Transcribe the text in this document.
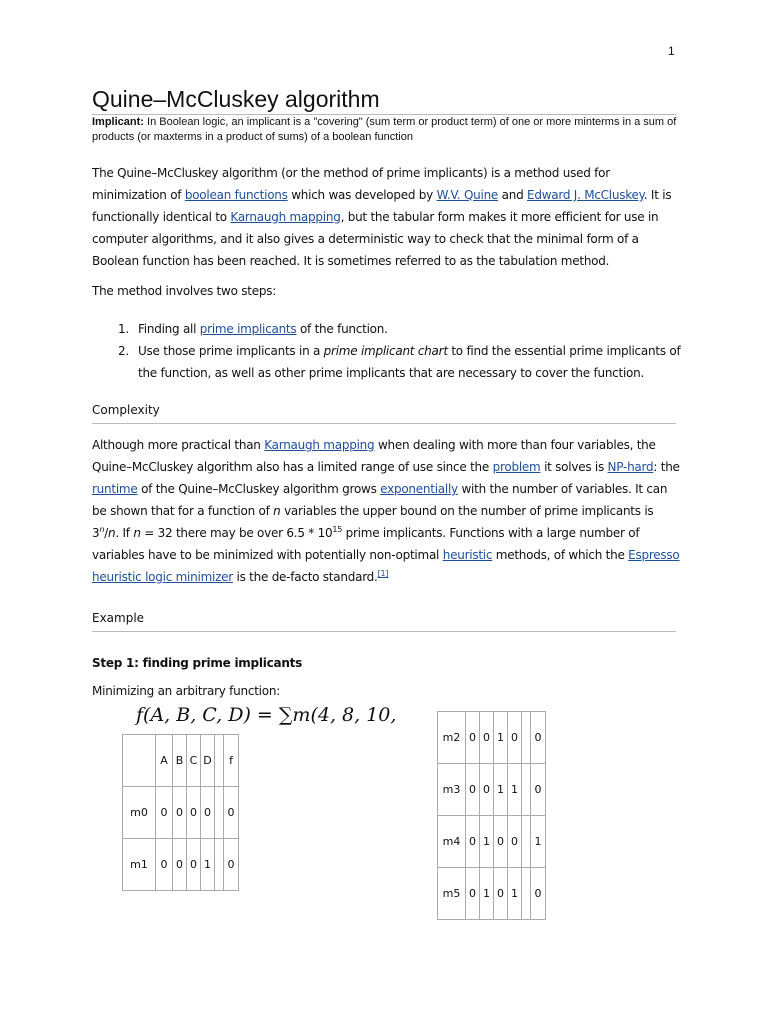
1
Quine–McCluskey algorithm
Implicant: In Boolean logic, an implicant is a "covering" (sum term or product term) of one or more minterms in a sum of products (or maxterms in a product of sums) of a boolean function
The Quine–McCluskey algorithm (or the method of prime implicants) is a method used for minimization of boolean functions which was developed by W.V. Quine and Edward J. McCluskey. It is functionally identical to Karnaugh mapping, but the tabular form makes it more efficient for use in computer algorithms, and it also gives a deterministic way to check that the minimal form of a Boolean function has been reached. It is sometimes referred to as the tabulation method.
The method involves two steps:
1. Finding all prime implicants of the function.
2. Use those prime implicants in a prime implicant chart to find the essential prime implicants of the function, as well as other prime implicants that are necessary to cover the function.
Complexity
Although more practical than Karnaugh mapping when dealing with more than four variables, the Quine–McCluskey algorithm also has a limited range of use since the problem it solves is NP-hard: the runtime of the Quine–McCluskey algorithm grows exponentially with the number of variables. It can be shown that for a function of n variables the upper bound on the number of prime implicants is 3$^n$/n. If n = 32 there may be over $6.5 * 10^{15}$ prime implicants. Functions with a large number of variables have to be minimized with potentially non-optimal heuristic methods, of which the Espresso heuristic logic minimizer is the de-facto standard.[1]
Example
Step 1: finding prime implicants
Minimizing an arbitrary function:
f(A, B, C, D) = ∑m(4, 8, 10,
	A	B	C	D		f
m0	0	0	0	0		0
m1	0	0	0	1		0
m2	0	0	1	0		0
m3	0	0	1	1		0
m4	0	1	0	0		1
m5	0	1	0	1		0
